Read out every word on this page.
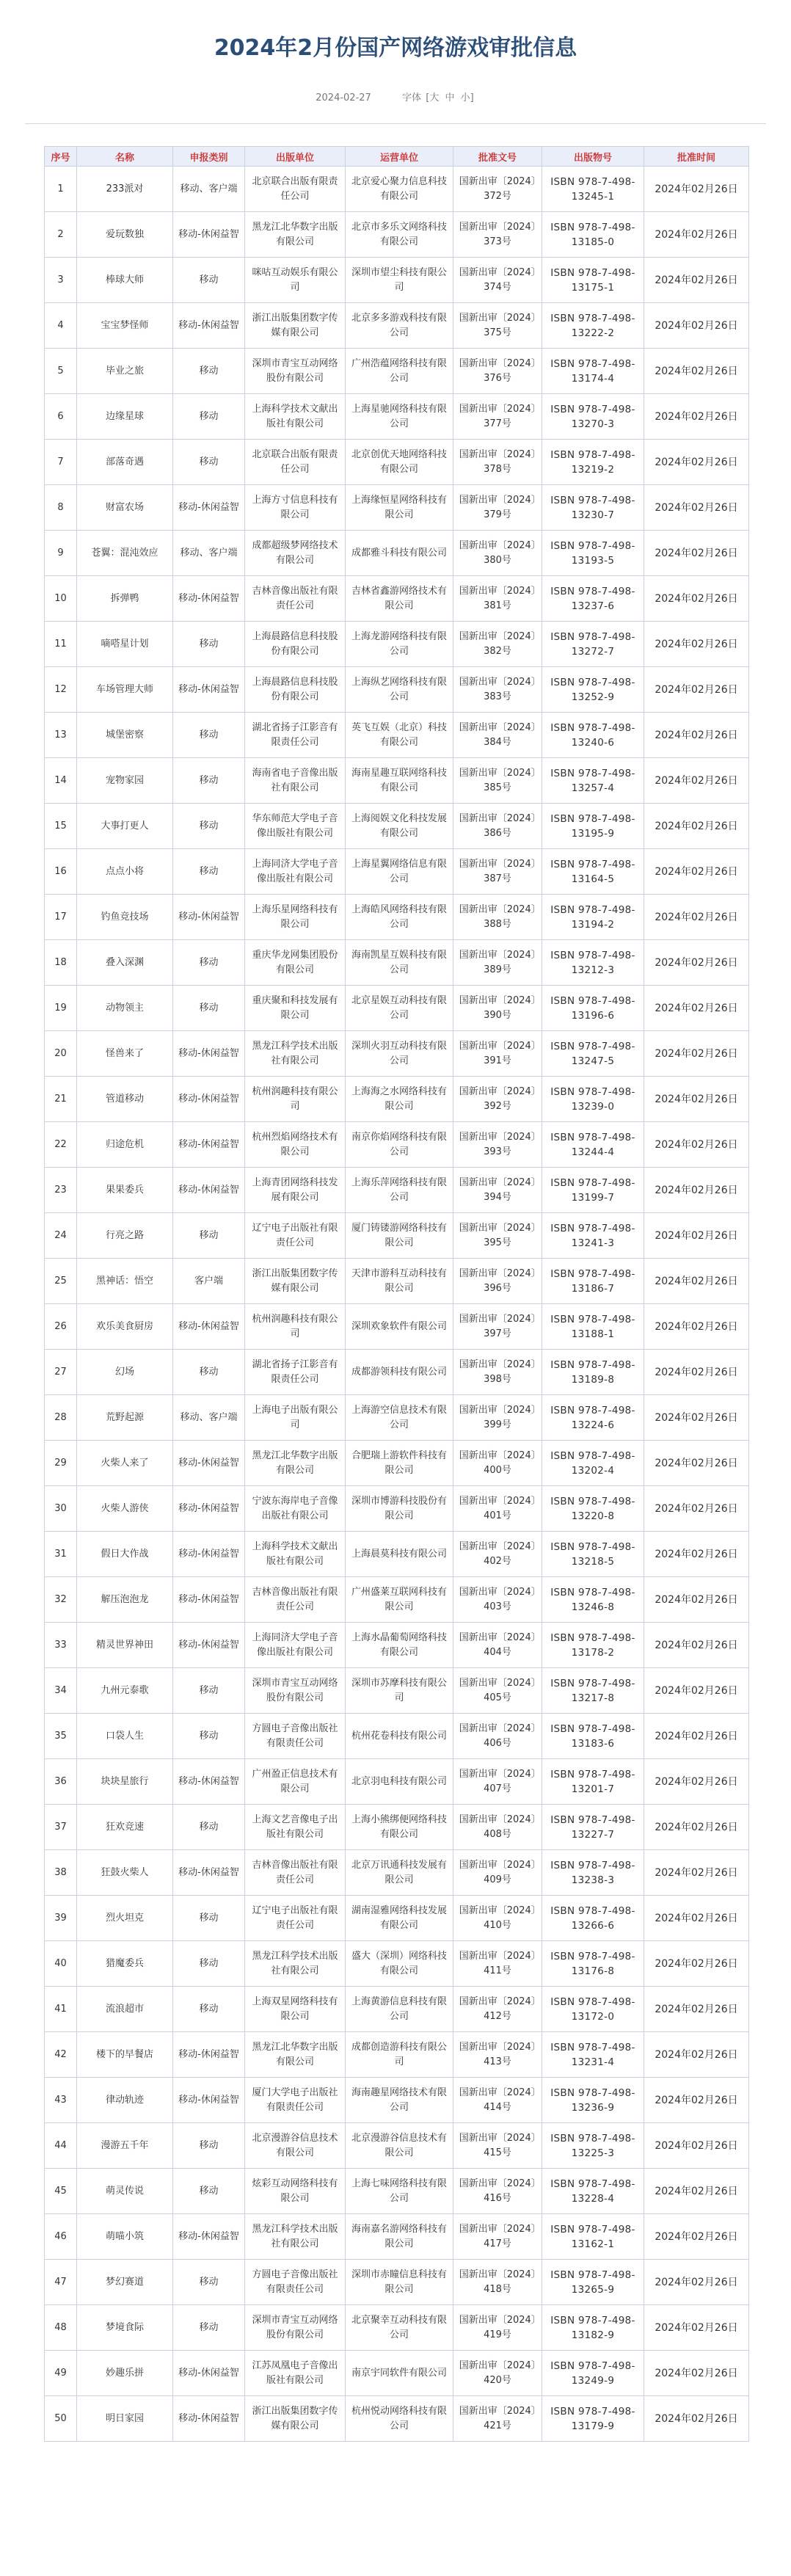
2024年2月份国产网络游戏审批信息
2024-02-27	字体 [大 中 小]
序号	名称	申报类别	出版单位	运营单位	批准文号	出版物号	批准时间
1	233派对	移动、客户端	北京联合出版有限责任公司	北京爱心聚力信息科技有限公司	国新出审〔2024〕372号	ISBN 978-7-498-13245-1	2024年02月26日
2	爱玩数独	移动-休闲益智	黑龙江北华数字出版有限公司	北京市多乐文网络科技有限公司	国新出审〔2024〕373号	ISBN 978-7-498-13185-0	2024年02月26日
3	棒球大师	移动	咪咕互动娱乐有限公司	深圳市望尘科技有限公司	国新出审〔2024〕374号	ISBN 978-7-498-13175-1	2024年02月26日
4	宝宝梦怪师	移动-休闲益智	浙江出版集团数字传媒有限公司	北京多多游戏科技有限公司	国新出审〔2024〕375号	ISBN 978-7-498-13222-2	2024年02月26日
5	毕业之旅	移动	深圳市青宝互动网络股份有限公司	广州浩蕴网络科技有限公司	国新出审〔2024〕376号	ISBN 978-7-498-13174-4	2024年02月26日
6	边缘星球	移动	上海科学技术文献出版社有限公司	上海星驰网络科技有限公司	国新出审〔2024〕377号	ISBN 978-7-498-13270-3	2024年02月26日
7	部落奇遇	移动	北京联合出版有限责任公司	北京创优天地网络科技有限公司	国新出审〔2024〕378号	ISBN 978-7-498-13219-2	2024年02月26日
8	财富农场	移动-休闲益智	上海方寸信息科技有限公司	上海缘恒星网络科技有限公司	国新出审〔2024〕379号	ISBN 978-7-498-13230-7	2024年02月26日
9	苍翼：混沌效应	移动、客户端	成都超级梦网络技术有限公司	成都雅斗科技有限公司	国新出审〔2024〕380号	ISBN 978-7-498-13193-5	2024年02月26日
10	拆弹鸭	移动-休闲益智	吉林音像出版社有限责任公司	吉林省鑫游网络技术有限公司	国新出审〔2024〕381号	ISBN 978-7-498-13237-6	2024年02月26日
11	嘀嗒星计划	移动	上海晨路信息科技股份有限公司	上海龙游网络科技有限公司	国新出审〔2024〕382号	ISBN 978-7-498-13272-7	2024年02月26日
12	车场管理大师	移动-休闲益智	上海晨路信息科技股份有限公司	上海纵艺网络科技有限公司	国新出审〔2024〕383号	ISBN 978-7-498-13252-9	2024年02月26日
13	城堡密察	移动	湖北省扬子江影音有限责任公司	英飞互娱（北京）科技有限公司	国新出审〔2024〕384号	ISBN 978-7-498-13240-6	2024年02月26日
14	宠物家园	移动	海南省电子音像出版社有限公司	海南星趣互联网络科技有限公司	国新出审〔2024〕385号	ISBN 978-7-498-13257-4	2024年02月26日
15	大事打更人	移动	华东师范大学电子音像出版社有限公司	上海阅娱文化科技发展有限公司	国新出审〔2024〕386号	ISBN 978-7-498-13195-9	2024年02月26日
16	点点小将	移动	上海同济大学电子音像出版社有限公司	上海星翼网络信息有限公司	国新出审〔2024〕387号	ISBN 978-7-498-13164-5	2024年02月26日
17	钓鱼竞技场	移动-休闲益智	上海乐星网络科技有限公司	上海皓风网络科技有限公司	国新出审〔2024〕388号	ISBN 978-7-498-13194-2	2024年02月26日
18	叠入深渊	移动	重庆华龙网集团股份有限公司	海南凯星互娱科技有限公司	国新出审〔2024〕389号	ISBN 978-7-498-13212-3	2024年02月26日
19	动物领主	移动	重庆聚和科技发展有限公司	北京星娱互动科技有限公司	国新出审〔2024〕390号	ISBN 978-7-498-13196-6	2024年02月26日
20	怪兽来了	移动-休闲益智	黑龙江科学技术出版社有限公司	深圳火羽互动科技有限公司	国新出审〔2024〕391号	ISBN 978-7-498-13247-5	2024年02月26日
21	管道移动	移动-休闲益智	杭州润趣科技有限公司	上海海之水网络科技有限公司	国新出审〔2024〕392号	ISBN 978-7-498-13239-0	2024年02月26日
22	归途危机	移动-休闲益智	杭州烈焰网络技术有限公司	南京你焰网络科技有限公司	国新出审〔2024〕393号	ISBN 978-7-498-13244-4	2024年02月26日
23	果果委兵	移动-休闲益智	上海青团网络科技发展有限公司	上海乐萍网络科技有限公司	国新出审〔2024〕394号	ISBN 978-7-498-13199-7	2024年02月26日
24	行亮之路	移动	辽宁电子出版社有限责任公司	厦门铸镂游网络科技有限公司	国新出审〔2024〕395号	ISBN 978-7-498-13241-3	2024年02月26日
25	黑神话：悟空	客户端	浙江出版集团数字传媒有限公司	天津市游科互动科技有限公司	国新出审〔2024〕396号	ISBN 978-7-498-13186-7	2024年02月26日
26	欢乐美食厨房	移动-休闲益智	杭州润趣科技有限公司	深圳欢象软件有限公司	国新出审〔2024〕397号	ISBN 978-7-498-13188-1	2024年02月26日
27	幻场	移动	湖北省扬子江影音有限责任公司	成都游领科技有限公司	国新出审〔2024〕398号	ISBN 978-7-498-13189-8	2024年02月26日
28	荒野起源	移动、客户端	上海电子出版有限公司	上海游空信息技术有限公司	国新出审〔2024〕399号	ISBN 978-7-498-13224-6	2024年02月26日
29	火柴人来了	移动-休闲益智	黑龙江北华数字出版有限公司	合肥瑞上游软件科技有限公司	国新出审〔2024〕400号	ISBN 978-7-498-13202-4	2024年02月26日
30	火柴人游侠	移动-休闲益智	宁波东海岸电子音像出版社有限公司	深圳市博游科技股份有限公司	国新出审〔2024〕401号	ISBN 978-7-498-13220-8	2024年02月26日
31	假日大作战	移动-休闲益智	上海科学技术文献出版社有限公司	上海晨莫科技有限公司	国新出审〔2024〕402号	ISBN 978-7-498-13218-5	2024年02月26日
32	解压泡泡龙	移动-休闲益智	吉林音像出版社有限责任公司	广州盛莱互联网科技有限公司	国新出审〔2024〕403号	ISBN 978-7-498-13246-8	2024年02月26日
33	精灵世界神田	移动-休闲益智	上海同济大学电子音像出版社有限公司	上海水晶葡萄网络科技有限公司	国新出审〔2024〕404号	ISBN 978-7-498-13178-2	2024年02月26日
34	九州元泰歌	移动	深圳市青宝互动网络股份有限公司	深圳市苏摩科技有限公司	国新出审〔2024〕405号	ISBN 978-7-498-13217-8	2024年02月26日
35	口袋人生	移动	方圆电子音像出版社有限责任公司	杭州花卷科技有限公司	国新出审〔2024〕406号	ISBN 978-7-498-13183-6	2024年02月26日
36	块块星旅行	移动-休闲益智	广州盈正信息技术有限公司	北京羽电科技有限公司	国新出审〔2024〕407号	ISBN 978-7-498-13201-7	2024年02月26日
37	狂欢竞速	移动	上海文艺音像电子出版社有限公司	上海小熊绑便网络科技有限公司	国新出审〔2024〕408号	ISBN 978-7-498-13227-7	2024年02月26日
38	狂鼓火柴人	移动-休闲益智	吉林音像出版社有限责任公司	北京万讯通科技发展有限公司	国新出审〔2024〕409号	ISBN 978-7-498-13238-3	2024年02月26日
39	烈火坦克	移动	辽宁电子出版社有限责任公司	湖南湿雅网络科技发展有限公司	国新出审〔2024〕410号	ISBN 978-7-498-13266-6	2024年02月26日
40	猎魔委兵	移动	黑龙江科学技术出版社有限公司	盛大（深圳）网络科技有限公司	国新出审〔2024〕411号	ISBN 978-7-498-13176-8	2024年02月26日
41	流浪超市	移动	上海双星网络科技有限公司	上海黄游信息科技有限公司	国新出审〔2024〕412号	ISBN 978-7-498-13172-0	2024年02月26日
42	楼下的早餐店	移动-休闲益智	黑龙江北华数字出版有限公司	成都创造游科技有限公司	国新出审〔2024〕413号	ISBN 978-7-498-13231-4	2024年02月26日
43	律动轨迹	移动-休闲益智	厦门大学电子出版社有限责任公司	海南趣星网络技术有限公司	国新出审〔2024〕414号	ISBN 978-7-498-13236-9	2024年02月26日
44	漫游五千年	移动	北京漫游谷信息技术有限公司	北京漫游谷信息技术有限公司	国新出审〔2024〕415号	ISBN 978-7-498-13225-3	2024年02月26日
45	萌灵传说	移动	炫彩互动网络科技有限公司	上海七味网络科技有限公司	国新出审〔2024〕416号	ISBN 978-7-498-13228-4	2024年02月26日
46	萌喵小筑	移动-休闲益智	黑龙江科学技术出版社有限公司	海南嘉名游网络科技有限公司	国新出审〔2024〕417号	ISBN 978-7-498-13162-1	2024年02月26日
47	梦幻赛道	移动	方圆电子音像出版社有限责任公司	深圳市赤瞳信息科技有限公司	国新出审〔2024〕418号	ISBN 978-7-498-13265-9	2024年02月26日
48	梦境食际	移动	深圳市青宝互动网络股份有限公司	北京聚幸互动科技有限公司	国新出审〔2024〕419号	ISBN 978-7-498-13182-9	2024年02月26日
49	妙趣乐拼	移动-休闲益智	江苏凤凰电子音像出版社有限公司	南京宇同软件有限公司	国新出审〔2024〕420号	ISBN 978-7-498-13249-9	2024年02月26日
50	明日家园	移动-休闲益智	浙江出版集团数字传媒有限公司	杭州悦动网络科技有限公司	国新出审〔2024〕421号	ISBN 978-7-498-13179-9	2024年02月26日
